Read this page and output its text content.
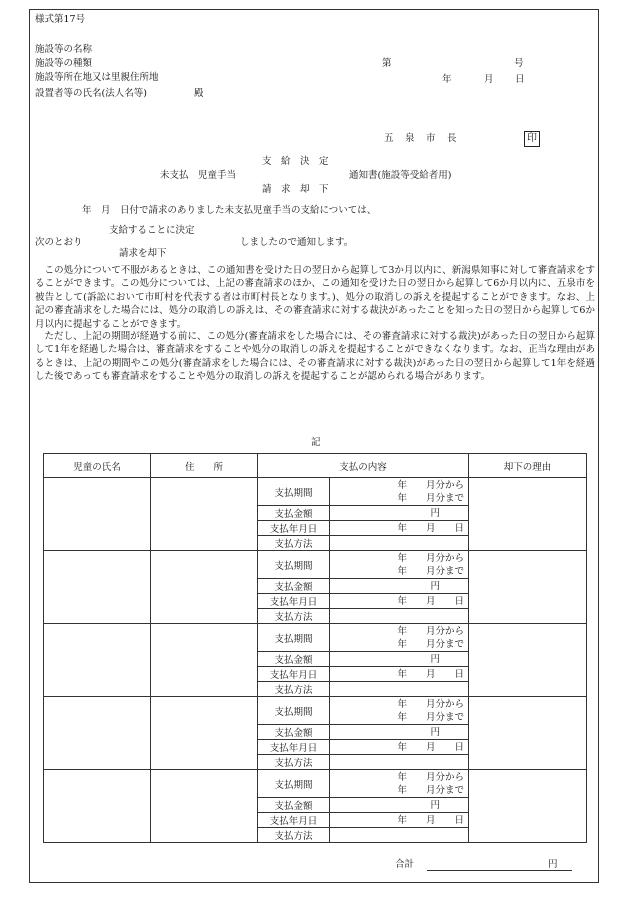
様式第17号
施設等の名称
施設等の種類
施設等所在地又は里親住所地
設置者等の氏名(法人名等)	殿
第	号
年	月 日
五　泉　市　長	印
支　給　決　定
未支払　児童手当	通知書(施設等受給者用)
請　求　却　下
年　月　日付で請求のありました未支払児童手当の支給については、
支給することに決定
次のとおり	しましたので通知します。
請求を却下
　この処分について不服があるときは、この通知書を受けた日の翌日から起算して3か月以内に、新潟県知事に対して審査請求をすることができます。この処分については、上記の審査請求のほか、この通知を受けた日の翌日から起算して6か月以内に、五泉市を被告として(訴訟において市町村を代表する者は市町村長となります。)、処分の取消しの訴えを提起することができます。なお、上記の審査請求をした場合には、処分の取消しの訴えは、その審査請求に対する裁決があったことを知った日の翌日から起算して6か月以内に提起することができます。
　ただし、上記の期間が経過する前に、この処分(審査請求をした場合には、その審査請求に対する裁決)があった日の翌日から起算して1年を経過した場合は、審査請求をすることや処分の取消しの訴えを提起することができなくなります。なお、正当な理由があるときは、上記の期間やこの処分(審査請求をした場合には、その審査請求に対する裁決)があった日の翌日から起算して1年を経過した後であっても審査請求をすることや処分の取消しの訴えを提起することが認められる場合があります。
記
児童の氏名	住　　所	支払の内容		却下の理由
		支払期間	年　　月分から
年　　月分まで	

		支払金額	円	

		支払年月日	年　　月　　日	

		支払方法		
		支払期間	年　　月分から
年　　月分まで	

		支払金額	円	

		支払年月日	年　　月　　日	

		支払方法		
		支払期間	年　　月分から
年　　月分まで	

		支払金額	円	

		支払年月日	年　　月　　日	

		支払方法		
		支払期間	年　　月分から
年　　月分まで	

		支払金額	円	

		支払年月日	年　　月　　日	

		支払方法		
		支払期間	年　　月分から
年　　月分まで	

		支払金額	円	

		支払年月日	年　　月　　日	

		支払方法		
合計	円
